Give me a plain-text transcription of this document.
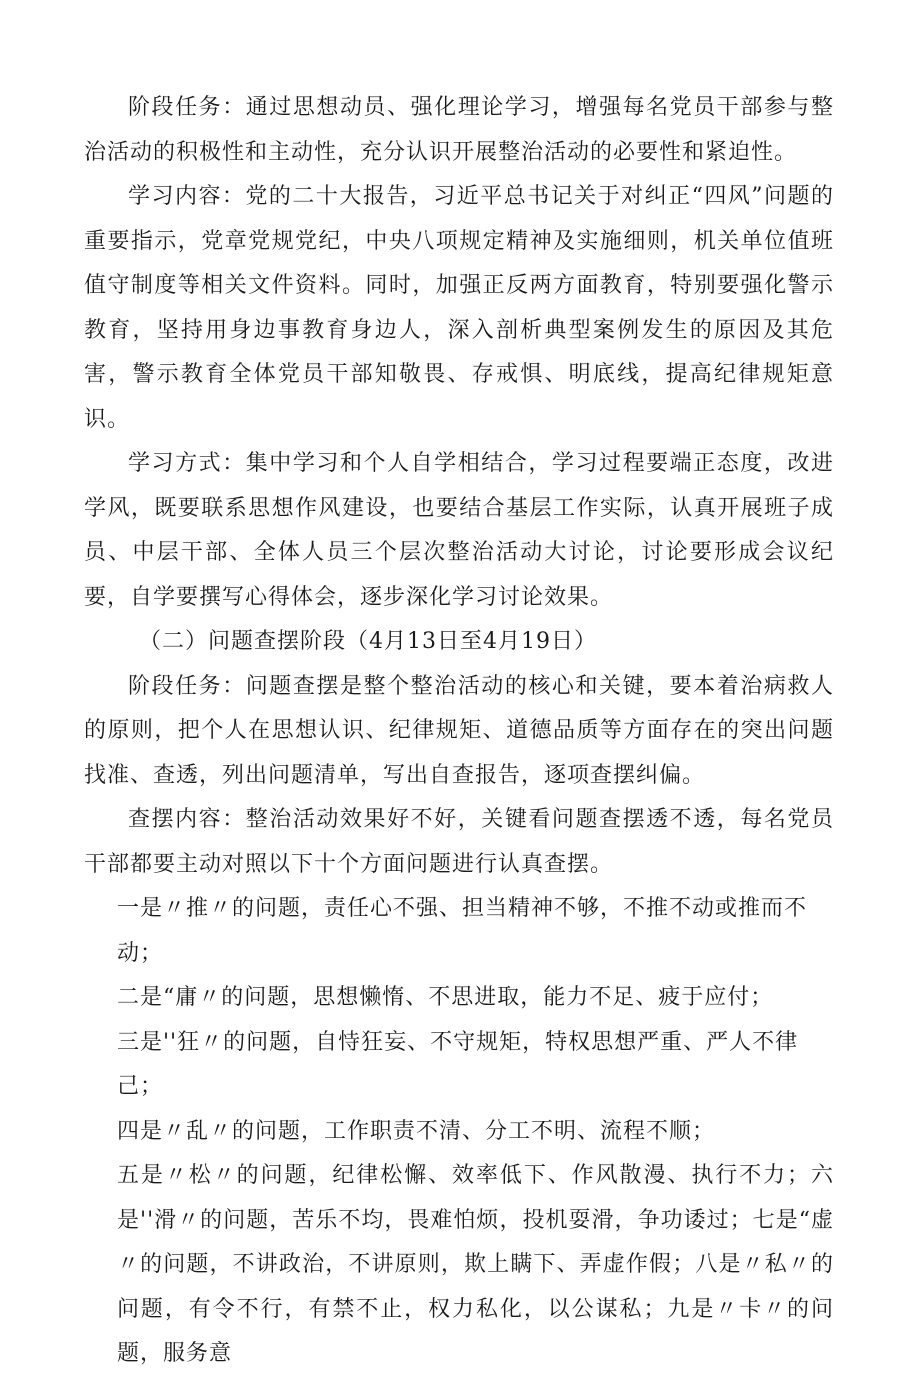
阶段任务：通过思想动员、强化理论学习，增强每名党员干部参与整治活动的积极性和主动性，充分认识开展整治活动的必要性和紧迫性。

学习内容：党的二十大报告，习近平总书记关于对纠正“四风”问题的重要指示，党章党规党纪，中央八项规定精神及实施细则，机关单位值班值守制度等相关文件资料。同时，加强正反两方面教育，特别要强化警示教育，坚持用身边事教育身边人，深入剖析典型案例发生的原因及其危害，警示教育全体党员干部知敬畏、存戒惧、明底线，提高纪律规矩意识。

学习方式：集中学习和个人自学相结合，学习过程要端正态度，改进学风，既要联系思想作风建设，也要结合基层工作实际，认真开展班子成员、中层干部、全体人员三个层次整治活动大讨论，讨论要形成会议纪要，自学要撰写心得体会，逐步深化学习讨论效果。

（二）问题查摆阶段（4月13日至4月19日）

阶段任务：问题查摆是整个整治活动的核心和关键，要本着治病救人的原则，把个人在思想认识、纪律规矩、道德品质等方面存在的突出问题找准、查透，列出问题清单，写出自查报告，逐项查摆纠偏。

查摆内容：整治活动效果好不好，关键看问题查摆透不透，每名党员干部都要主动对照以下十个方面问题进行认真查摆。

一是〃推〃的问题，责任心不强、担当精神不够，不推不动或推而不动；

二是“庸〃的问题，思想懒惰、不思进取，能力不足、疲于应付；

三是''狂〃的问题，自恃狂妄、不守规矩，特权思想严重、严人不律己；

四是〃乱〃的问题，工作职责不清、分工不明、流程不顺；

五是〃松〃的问题，纪律松懈、效率低下、作风散漫、执行不力；六是''滑〃的问题，苦乐不均，畏难怕烦，投机耍滑，争功诿过；七是“虚〃的问题，不讲政治，不讲原则，欺上瞒下、弄虚作假；八是〃私〃的问题，有令不行，有禁不止，权力私化，以公谋私；九是〃卡〃的问题，服务意
